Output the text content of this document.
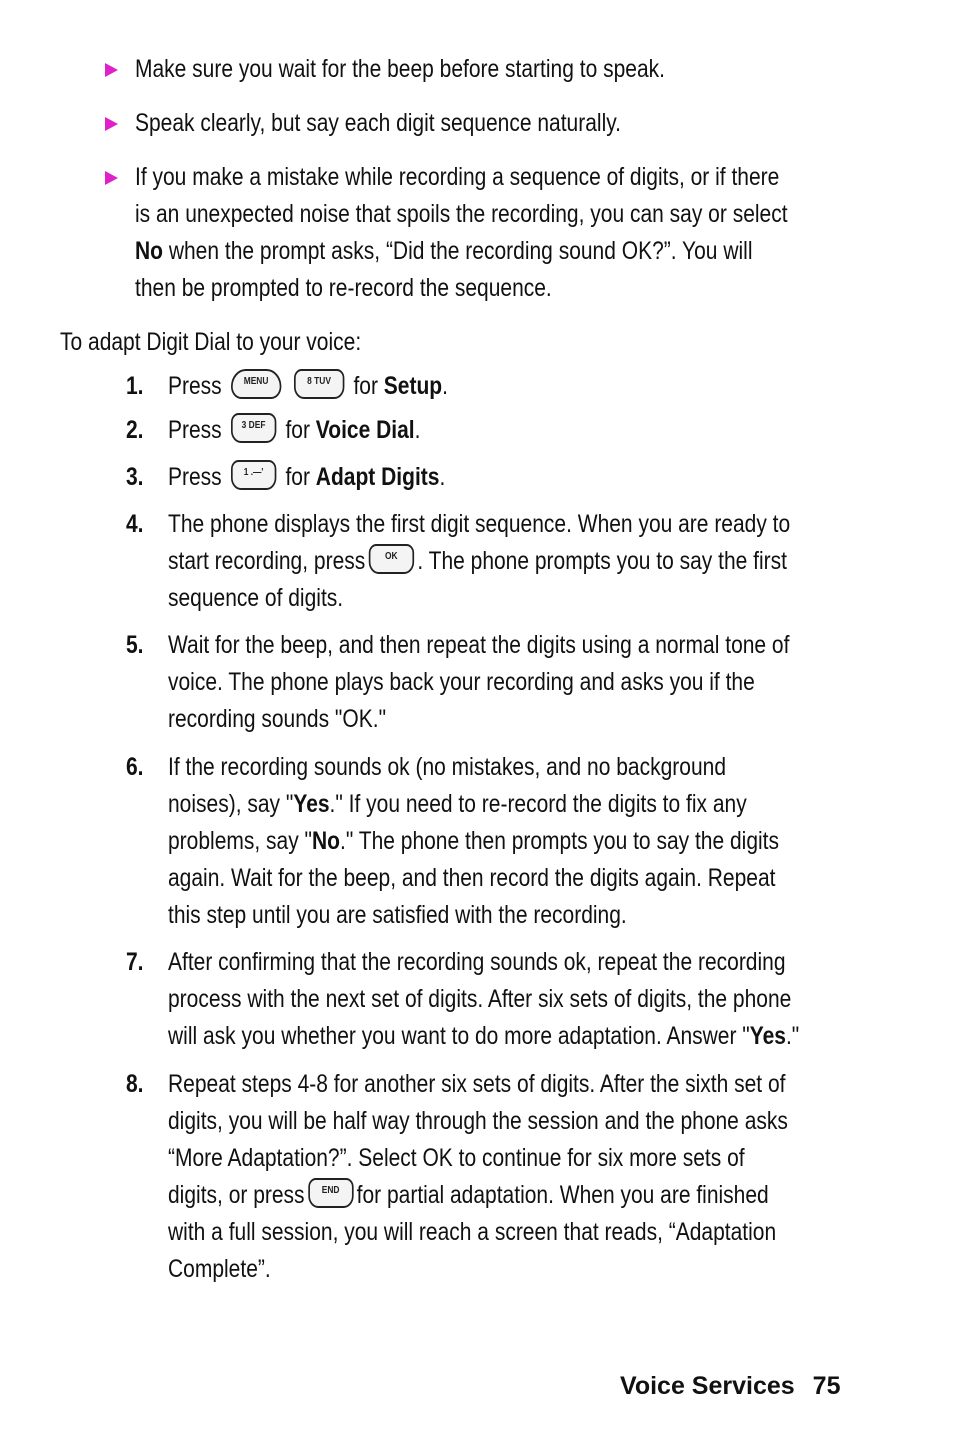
Make sure you wait for the beep before starting to speak.
Speak clearly, but say each digit sequence naturally.
If you make a mistake while recording a sequence of digits, or if there
is an unexpected noise that spoils the recording, you can say or select
No when the prompt asks, “Did the recording sound OK?”. You will
then be prompted to re-record the sequence.
To adapt Digit Dial to your voice:
1. Press	MENU
	8 TUV for Setup.
2. Press	3 DEF for Voice Dial.
3. Press	1 .—' for Adapt Digits.
4. The phone displays the first digit sequence. When you are ready to
start recording, press	OK . The phone prompts you to say the first
sequence of digits.
5. Wait for the beep, and then repeat the digits using a normal tone of
voice. The phone plays back your recording and asks you if the
recording sounds "OK."
6. If the recording sounds ok (no mistakes, and no background
noises), say "Yes." If you need to re-record the digits to fix any
problems, say "No." The phone then prompts you to say the digits
again. Wait for the beep, and then record the digits again. Repeat
this step until you are satisfied with the recording.
7. After confirming that the recording sounds ok, repeat the recording
process with the next set of digits. After six sets of digits, the phone
will ask you whether you want to do more adaptation. Answer "Yes."
8. Repeat steps 4-8 for another six sets of digits. After the sixth set of
digits, you will be half way through the session and the phone asks
“More Adaptation?”. Select OK to continue for six more sets of
digits, or press	END for partial adaptation. When you are finished
with a full session, you will reach a screen that reads, “Adaptation
Complete”.
Voice Services 75
